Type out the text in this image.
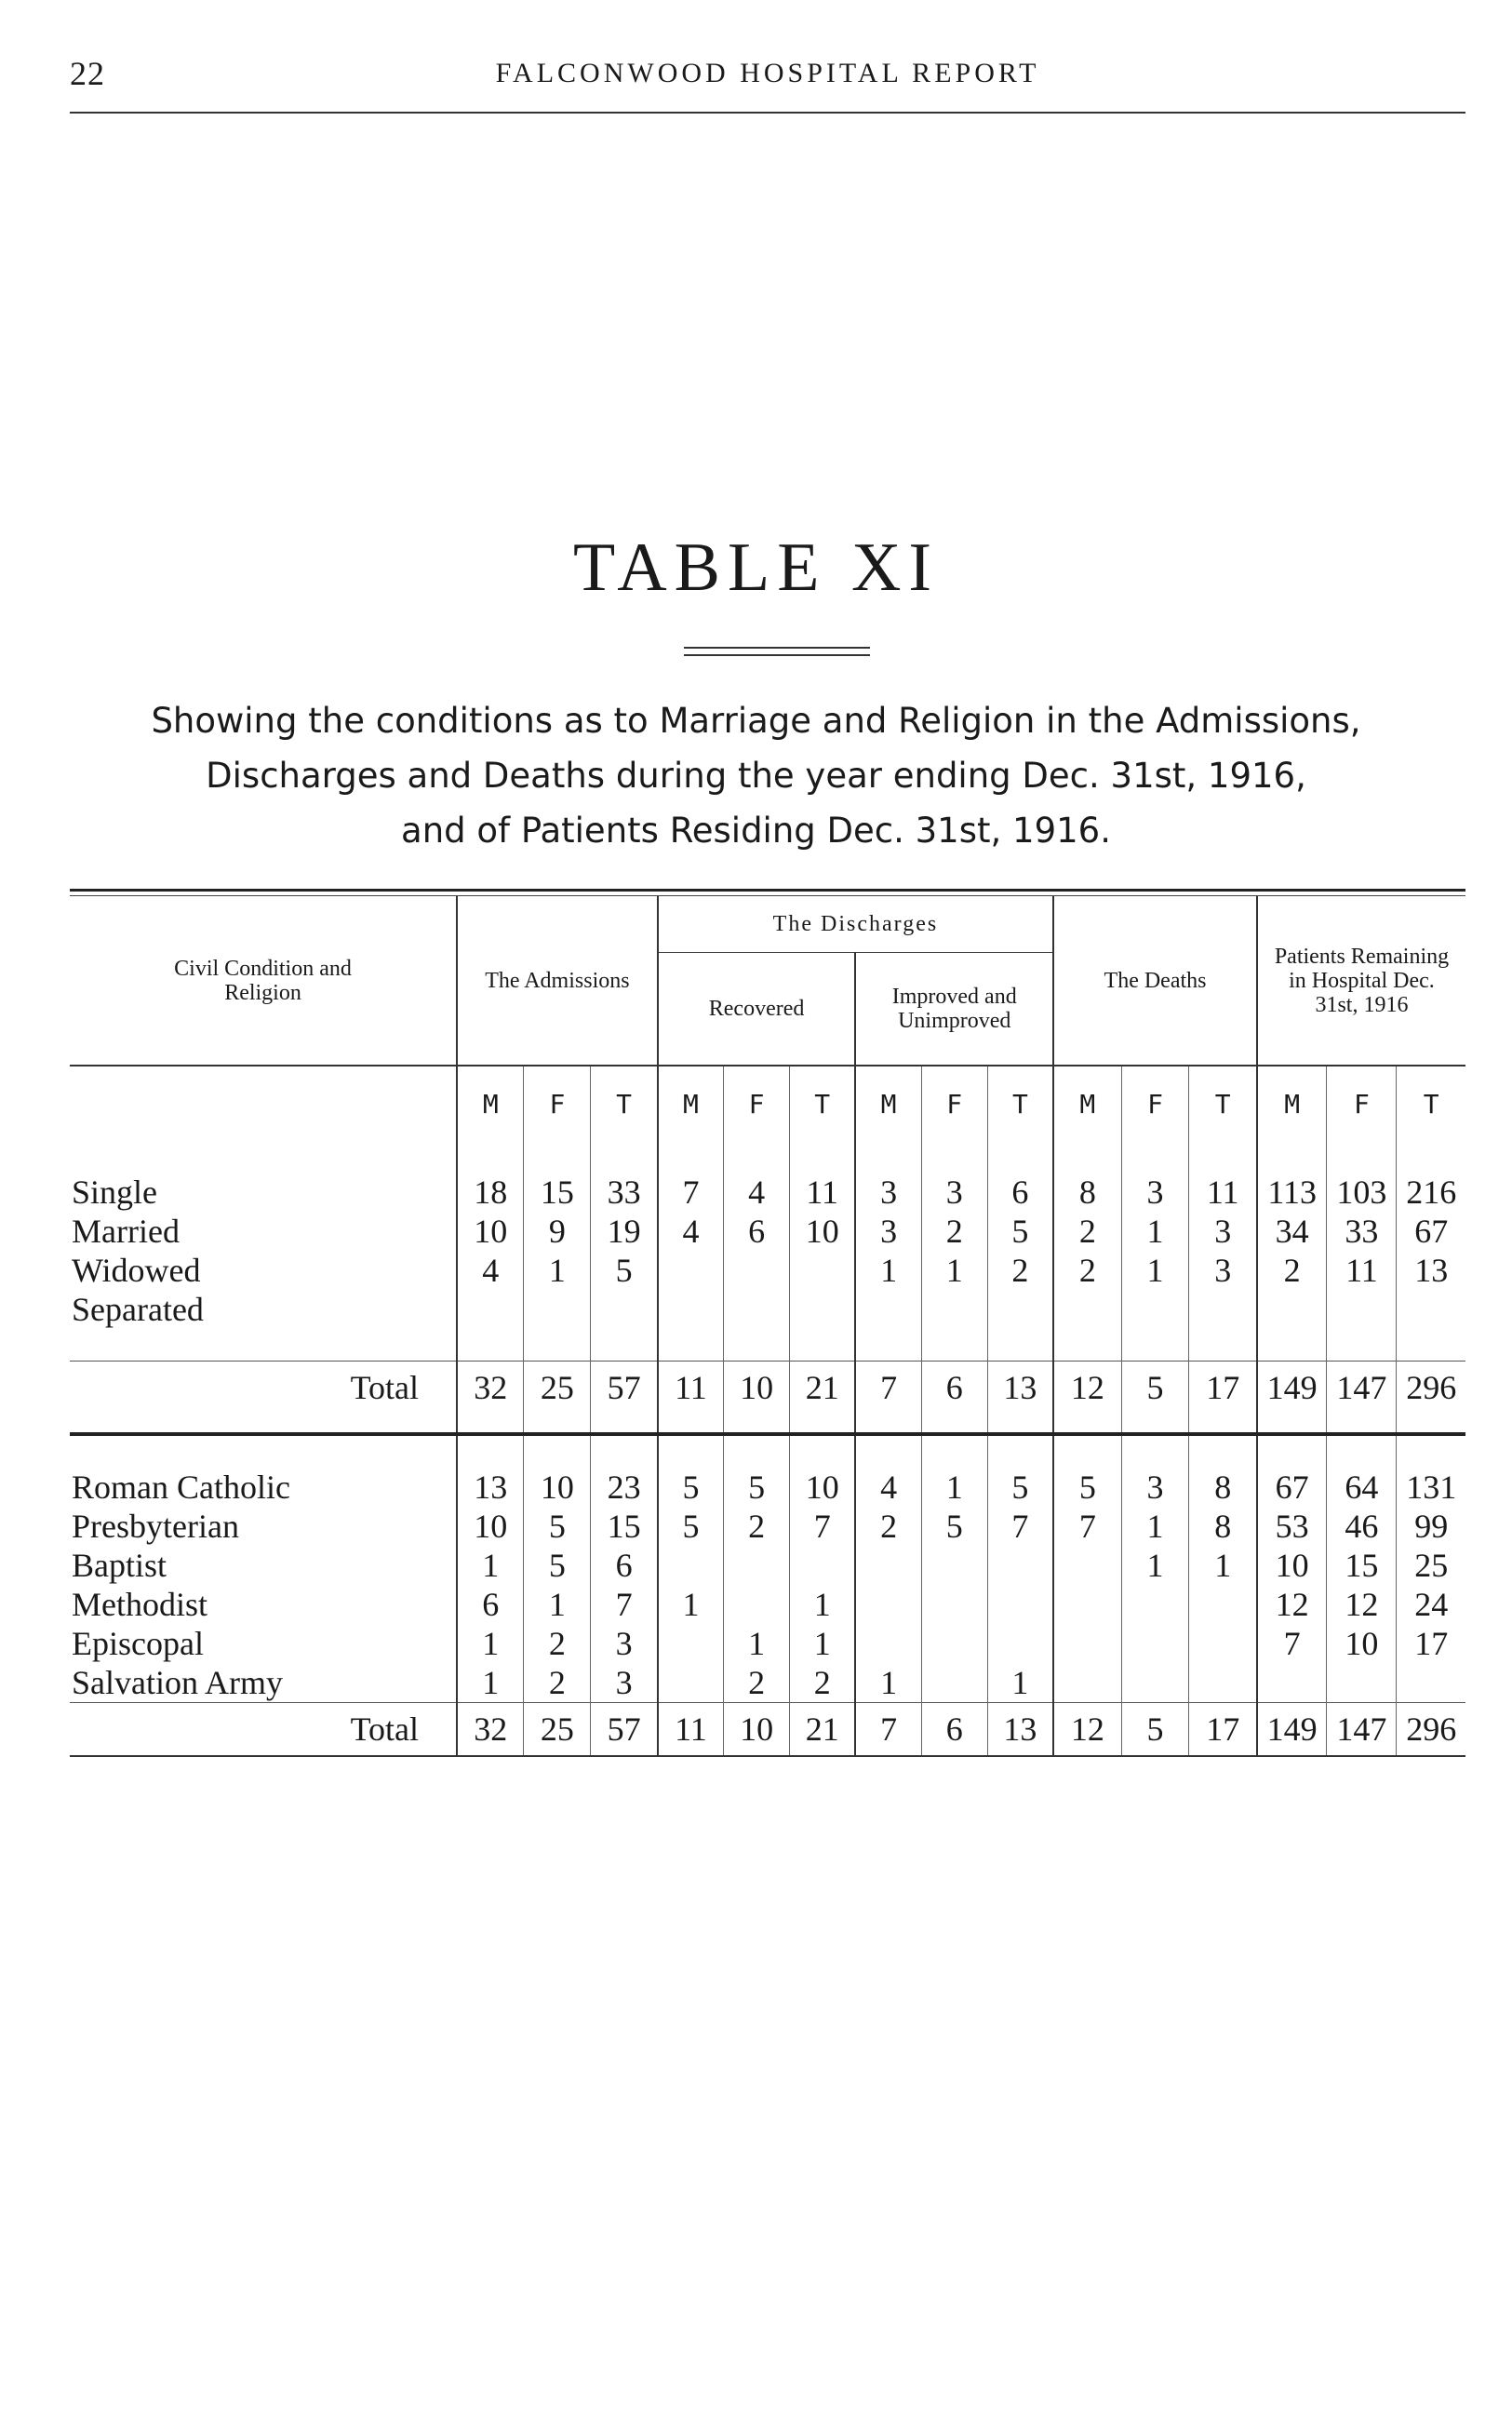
22	FALCONWOOD HOSPITAL REPORT
TABLE XI
Showing the conditions as to Marriage and Religion in the Admissions,
Discharges and Deaths during the year ending Dec. 31st, 1916,
and of Patients Residing Dec. 31st, 1916.
Civil Condition and Religion	The Admissions			The Discharges						The Deaths			Patients Remaining in Hospital Dec. 31st, 1916		
				Recovered			Improved and Unimproved								
	M	F	T	M	F	T	M	F	T	M	F	T	M	F	T

Single	18	15	33	7	4	11	3	3	6	8	3	11	113	103	216
Married	10	9	19	4	6	10	3	2	5	2	1	3	34	33	67
Widowed	4	1	5				1	1	2	2	1	3	2	11	13
Separated															

Total	32	25	57	11	10	21	7	6	13	12	5	17	149	147	296

Roman Catholic	13	10	23	5	5	10	4	1	5	5	3	8	67	64	131
Presbyterian	10	5	15	5	2	7	2	5	7	7	1	8	53	46	99
Baptist	1	5	6								1	1	10	15	25
Methodist	6	1	7	1		1							12	12	24
Episcopal	1	2	3		1	1							7	10	17
Salvation Army	1	2	3		2	2	1		1						
Total	32	25	57	11	10	21	7	6	13	12	5	17	149	147	296
